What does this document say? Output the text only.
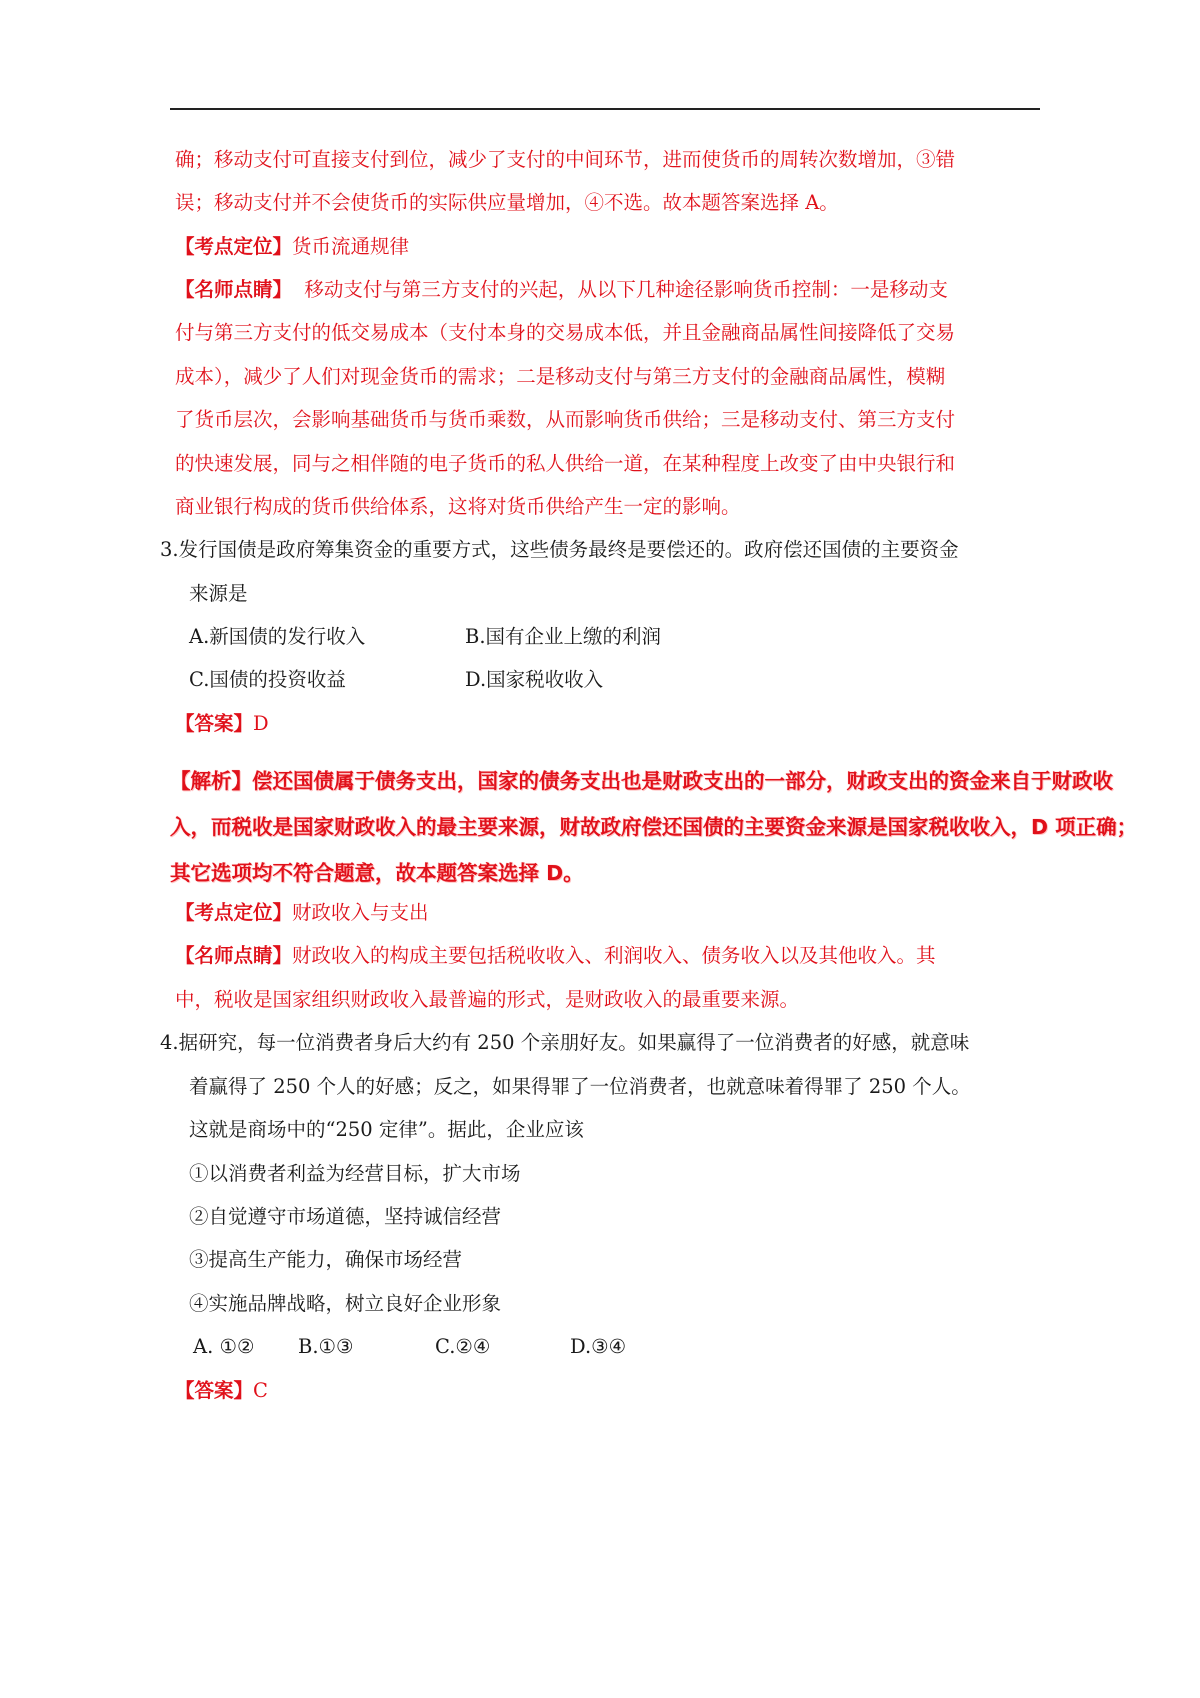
确；移动支付可直接支付到位，减少了支付的中间环节，进而使货币的周转次数增加，③错
误；移动支付并不会使货币的实际供应量增加，④不选。故本题答案选择 A。
【考点定位】货币流通规律
【名师点睛】  移动支付与第三方支付的兴起，从以下几种途径影响货币控制：一是移动支
付与第三方支付的低交易成本（支付本身的交易成本低，并且金融商品属性间接降低了交易
成本），减少了人们对现金货币的需求；二是移动支付与第三方支付的金融商品属性，模糊
了货币层次，会影响基础货币与货币乘数，从而影响货币供给；三是移动支付、第三方支付
的快速发展，同与之相伴随的电子货币的私人供给一道，在某种程度上改变了由中央银行和
商业银行构成的货币供给体系，这将对货币供给产生一定的影响。
3.发行国债是政府筹集资金的重要方式，这些债务最终是要偿还的。政府偿还国债的主要资金
来源是
A.新国债的发行收入	B.国有企业上缴的利润
C.国债的投资收益	D.国家税收收入
【答案】D
【解析】偿还国债属于债务支出，国家的债务支出也是财政支出的一部分，财政支出的资金来自于财政收
入，而税收是国家财政收入的最主要来源，财故政府偿还国债的主要资金来源是国家税收收入，D 项正确；
其它选项均不符合题意，故本题答案选择 D。
【考点定位】财政收入与支出
【名师点睛】财政收入的构成主要包括税收收入、利润收入、债务收入以及其他收入。其
中，税收是国家组织财政收入最普遍的形式，是财政收入的最重要来源。
4.据研究，每一位消费者身后大约有 250 个亲朋好友。如果赢得了一位消费者的好感，就意味
着赢得了 250 个人的好感；反之，如果得罪了一位消费者，也就意味着得罪了 250 个人。
这就是商场中的“250 定律”。据此，企业应该
①以消费者利益为经营目标，扩大市场
②自觉遵守市场道德，坚持诚信经营
③提高生产能力，确保市场经营
④实施品牌战略，树立良好企业形象
A. ①② B.①③	C.②④	D.③④
【答案】C
